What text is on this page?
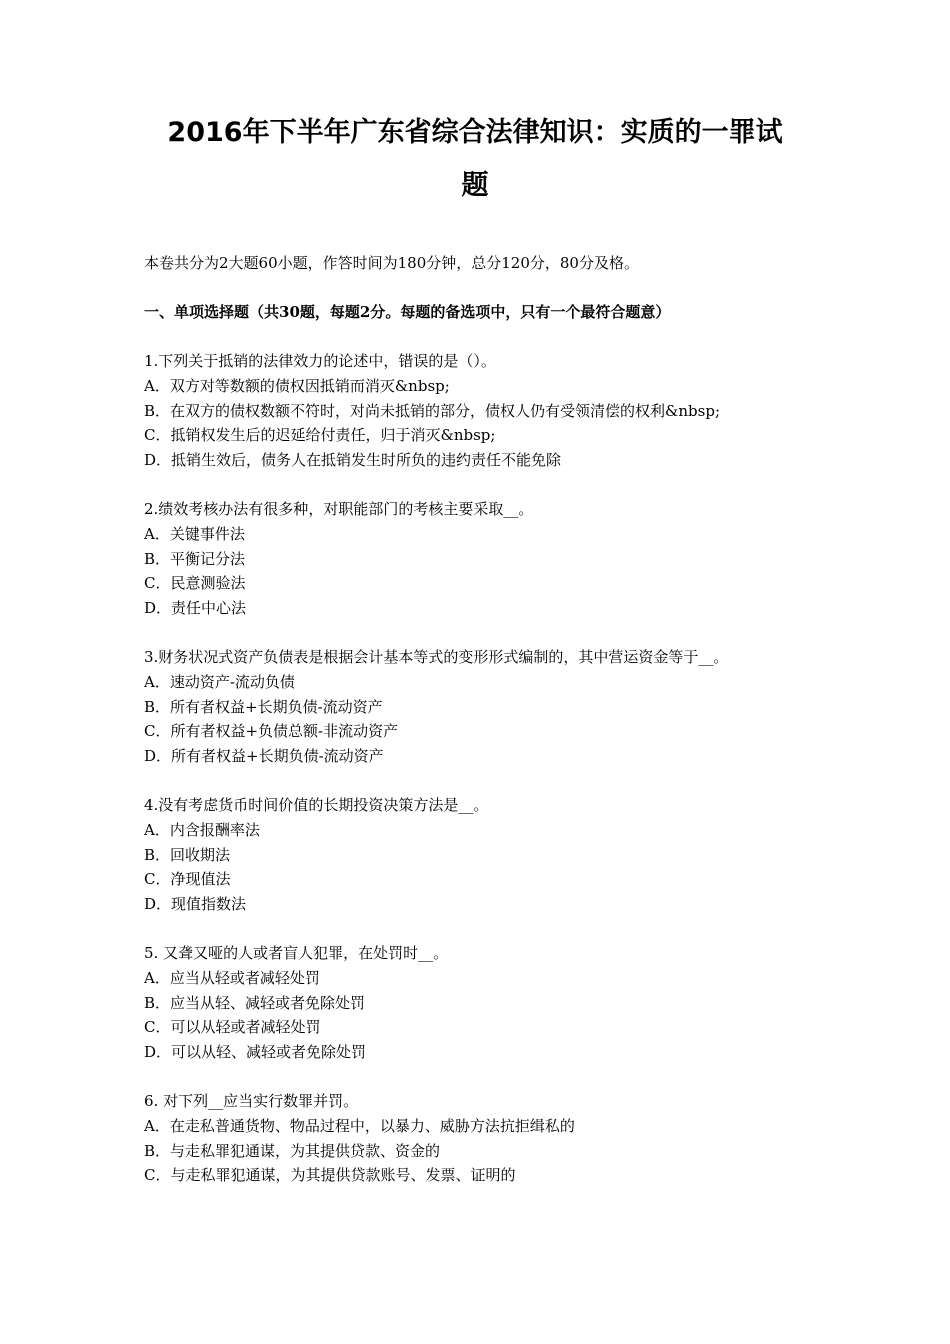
2016年下半年广东省综合法律知识：实质的一罪试
题
本卷共分为2大题60小题，作答时间为180分钟，总分120分，80分及格。
一、单项选择题（共30题，每题2分。每题的备选项中，只有一个最符合题意）
1.下列关于抵销的法律效力的论述中，错误的是（）。
A．双方对等数额的债权因抵销而消灭&nbsp;
B．在双方的债权数额不符时，对尚未抵销的部分，债权人仍有受领清偿的权利&nbsp;
C．抵销权发生后的迟延给付责任，归于消灭&nbsp;
D．抵销生效后，债务人在抵销发生时所负的违约责任不能免除
2.绩效考核办法有很多种，对职能部门的考核主要采取__。
A．关键事件法
B．平衡记分法
C．民意测验法
D．责任中心法
3.财务状况式资产负债表是根据会计基本等式的变形形式编制的，其中营运资金等于__。
A．速动资产-流动负债
B．所有者权益+长期负债-流动资产
C．所有者权益+负债总额-非流动资产
D．所有者权益+长期负债-流动资产
4.没有考虑货币时间价值的长期投资决策方法是__。
A．内含报酬率法
B．回收期法
C．净现值法
D．现值指数法
5. 又聋又哑的人或者盲人犯罪，在处罚时__。
A．应当从轻或者减轻处罚
B．应当从轻、减轻或者免除处罚
C．可以从轻或者减轻处罚
D．可以从轻、减轻或者免除处罚
6. 对下列__应当实行数罪并罚。
A．在走私普通货物、物品过程中，以暴力、威胁方法抗拒缉私的
B．与走私罪犯通谋，为其提供贷款、资金的
C．与走私罪犯通谋，为其提供贷款账号、发票、证明的
